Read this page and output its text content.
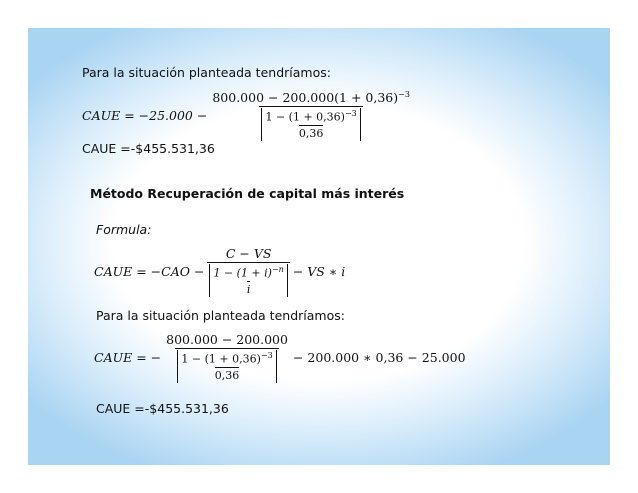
Para la situación planteada tendríamos:
CAUE = $-25.000 - \frac{800.000 - 200.000(1 + 0,36)^{-3}}{\frac{1 - (1 + 0,36)^{-3}}{0,36}}$
CAUE =-$455.531,36
Método Recuperación de capital más interés
Formula:
CAUE = $-CAO - \frac{C - VS}{\frac{1 - (1 + i)^{-n}}{i}}$ − VS ∗ i
Para la situación planteada tendríamos:
CAUE = − $\frac{800.000 - 200.000}{\frac{1 - (1 + 0,36)^{-3}}{0,36}} - 200.000$ ∗ 0,36 − 25.000
CAUE =-$455.531,36
